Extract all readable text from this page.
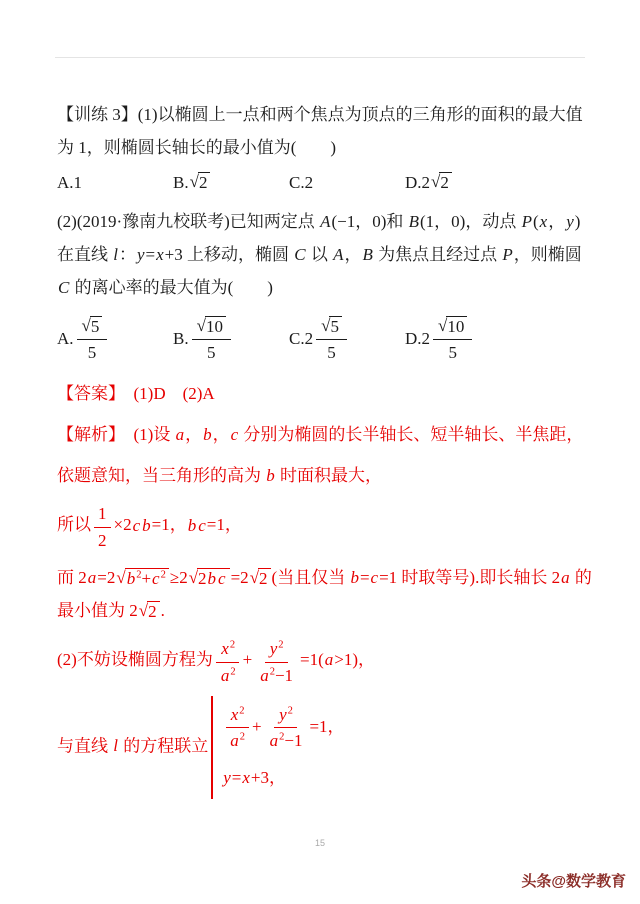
【训练 3】(1)以椭圆上一点和两个焦点为顶点的三角形的面积的最大值为 1，则椭圆长轴长的最小值为(　　)
A.1	B. √ 2	C.2	D.2 √ 2
(2)(2019·豫南九校联考)已知两定点 A(−1，0)和 B(1，0)，动点 P(x，y)在直线 l：y=x+3 上移动，椭圆 C 以 A，B 为焦点且经过点 P，则椭圆 C 的离心率的最大值为(　　)
A. $\frac{√ 5}{5}$	B. $\frac{√ 10}{5}$	$C.2 \frac{√ 5}{5}$	$D.2 \frac{√ 10}{5}$
【答案】　(1)D　(2)A
【解析】　(1)设 a，b，c 分别为椭圆的长半轴长、短半轴长、半焦距，
依题意知，当三角形的高为 b 时面积最大，
所以 $\frac{1}{2} \times 2c$ b=1，b c=1，
而 2a=2 √ $b^2+c^2 \ge 2$ √ 2b c =2 √ 2 (当且仅当 b=c=1 时取等号).即长轴长 2a 的最小值为 2 √ 2 .
(2)不妨设椭圆方程为 $\frac{x^2}{a^2} + \frac{y^2}{a^2-1} =1(a>1)$，
与直线 l 的方程联立 $\frac{x^2}{a^2} + \frac{y^2}{a^2-1} =1$，
y = x +3，
15
头条@数学教育
